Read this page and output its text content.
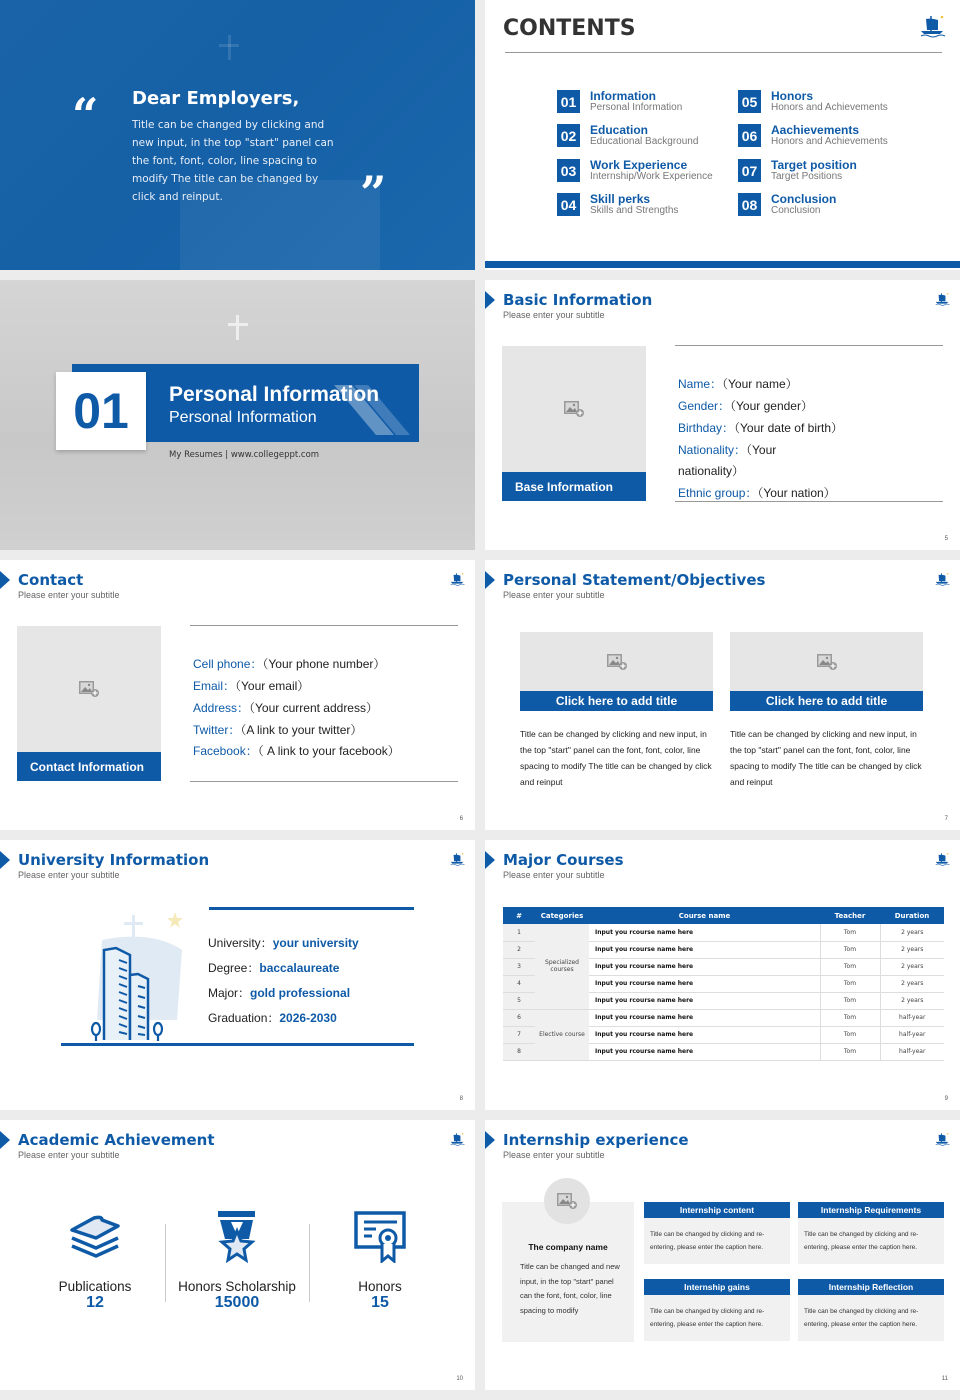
“ Dear Employers,

Title can be changed by clicking and new input, in the top "start" panel can the font, font, color, line spacing to modify The title can be changed by click and reinput.	”
CONTENTS
01	Information
Personal Information
02	Education
Educational Background
03	Work Experience
Internship/Work Experience
04	Skill perks
Skills and Strengths
05	Honors
Honors and Achievements
06	Aachievements
Honors and Achievements
07	Target position
Target Positions
08	Conclusion
Conclusion
01	Personal Information
Personal Information
My Resumes | www.collegeppt.com
Basic Information
Please enter your subtitle
Base Information
Name：（Your name）
Gender：（Your gender）
Birthday：（Your date of birth）
Nationality：（Your
nationality）
Ethnic group：（Your nation）
5
Contact
Please enter your subtitle
Contact Information
Cell phone：（Your phone number）
Email：（Your email）
Address：（Your current address）
Twitter：（A link to your twitter）
Facebook：（ A link to your facebook）
6
Personal Statement/Objectives
Please enter your subtitle
Click here to add title
Title can be changed by clicking and new input, in the top "start" panel can the font, font, color, line spacing to modify The title can be changed by click and reinput
Click here to add title
Title can be changed by clicking and new input, in the top "start" panel can the font, font, color, line spacing to modify The title can be changed by click and reinput
7
University Information
Please enter your subtitle
University：your university
Degree：baccalaureate
Major：gold professional
Graduation：2026-2030
8
Major Courses
Please enter your subtitle
#	Categories	Course name	Teacher	Duration
1	Specialized courses	Input you rcourse name here	Tom	2 years
2		Input you rcourse name here	Tom	2 years
3		Input you rcourse name here	Tom	2 years
4		Input you rcourse name here	Tom	2 years
5		Input you rcourse name here	Tom	2 years
6	Elective course	Input you rcourse name here	Tom	half-year
7		Input you rcourse name here	Tom	half-year
8		Input you rcourse name here	Tom	half-year
9
Academic Achievement
Please enter your subtitle
Publications
12
Honors Scholarship
15000
Honors
15
10
Internship experience
Please enter your subtitle
The company name
Title can be changed and new input, in the top "start" panel can the font, font, color, line spacing to modify
Internship content
Title can be changed by clicking and re-entering, please enter the caption here.
Internship Requirements
Title can be changed by clicking and re-entering, please enter the caption here.
Internship gains
Title can be changed by clicking and re-entering, please enter the caption here.
Internship Reflection
Title can be changed by clicking and re-entering, please enter the caption here.
11
